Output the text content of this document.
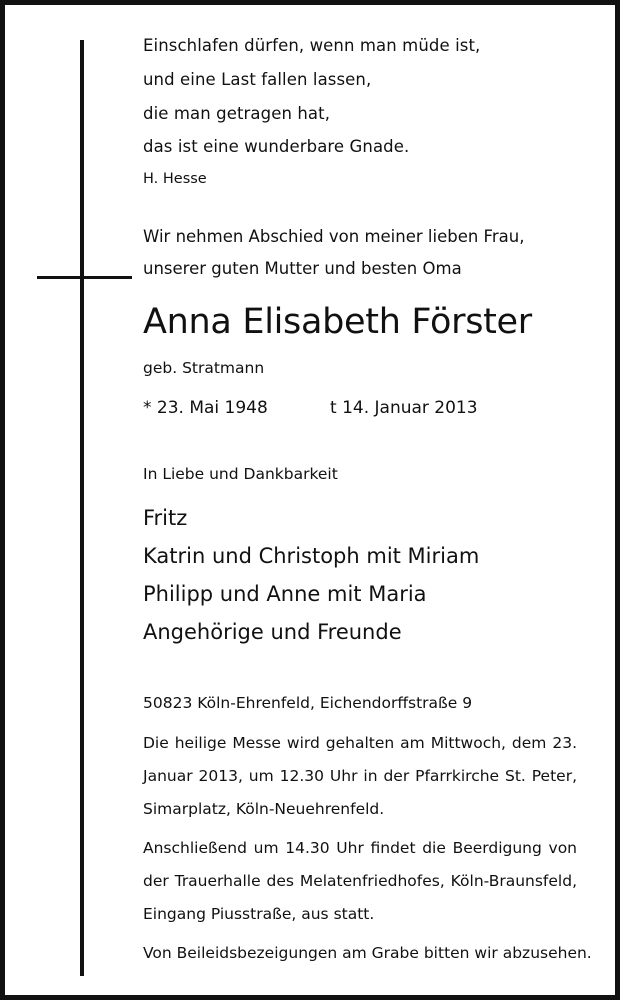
Einschlafen dürfen, wenn man müde ist,

und eine Last fallen lassen,

die man getragen hat,

das ist eine wunderbare Gnade.

H. Hesse

Wir nehmen Abschied von meiner lieben Frau,

unserer guten Mutter und besten Oma

Anna Elisabeth Förster

geb. Stratmann

* 23. Mai 1948	t 14. Januar 2013

In Liebe und Dankbarkeit

Fritz

Katrin und Christoph mit Miriam

Philipp und Anne mit Maria

Angehörige und Freunde

50823 Köln-Ehrenfeld, Eichendorffstraße 9

Die heilige Messe wird gehalten am Mittwoch, dem 23. Januar 2013, um 12.30 Uhr in der Pfarrkirche St. Peter, Simarplatz, Köln-Neuehrenfeld.

Anschließend um 14.30 Uhr findet die Beerdigung von der Trauerhalle des Melatenfriedhofes, Köln-Braunsfeld, Eingang Piusstraße, aus statt.

Von Beileidsbezeigungen am Grabe bitten wir abzusehen.
